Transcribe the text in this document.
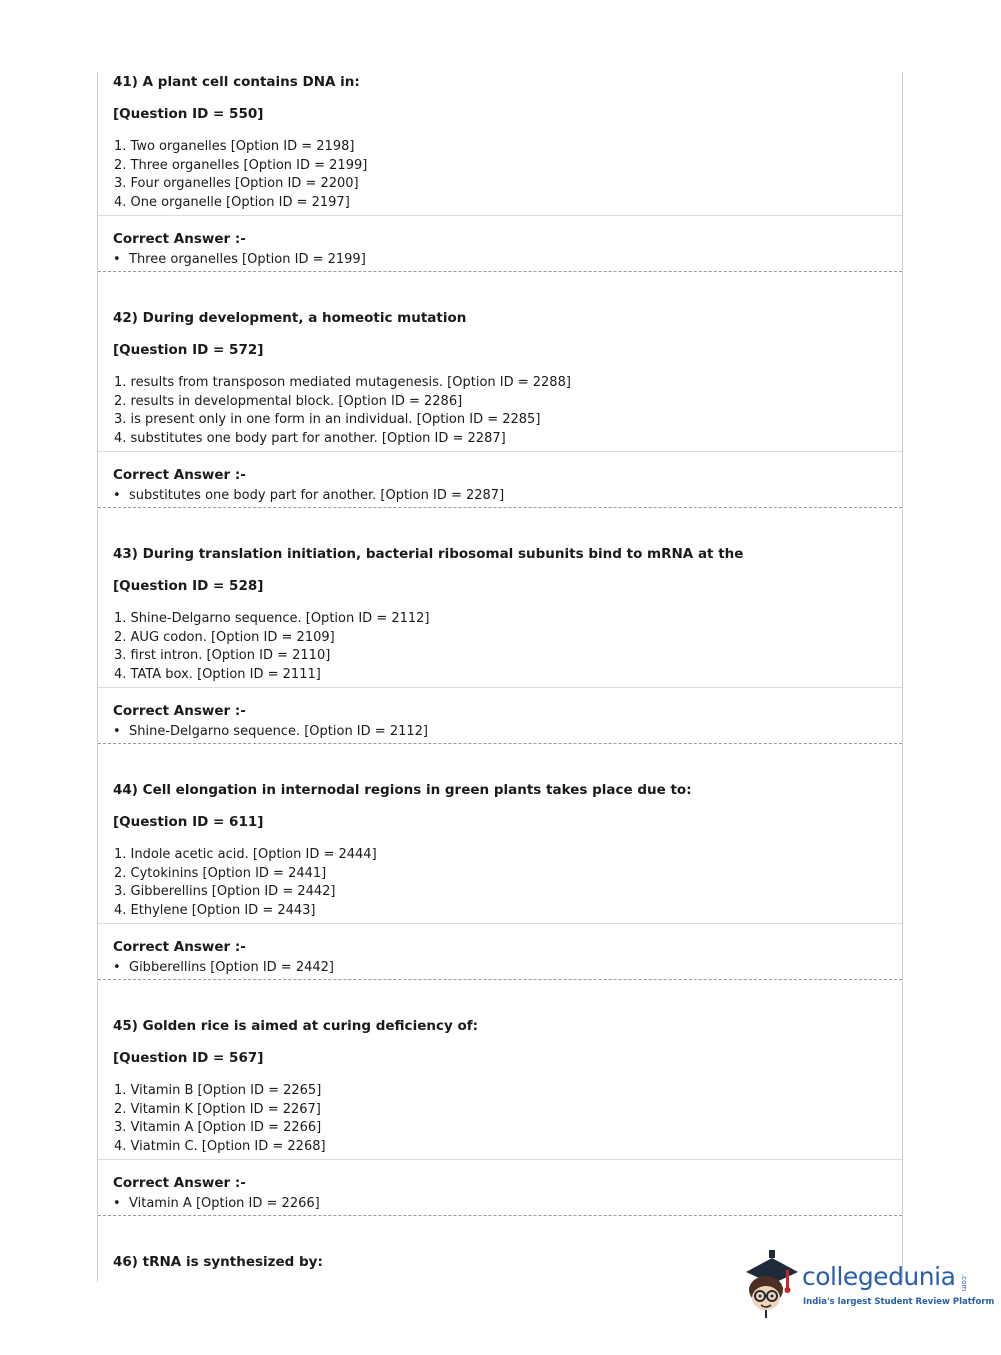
41) A plant cell contains DNA in:
[Question ID = 550]
1. Two organelles [Option ID = 2198]
2. Three organelles [Option ID = 2199]
3. Four organelles [Option ID = 2200]
4. One organelle [Option ID = 2197]
Correct Answer :-
• Three organelles [Option ID = 2199]
42) During development, a homeotic mutation
[Question ID = 572]
1. results from transposon mediated mutagenesis. [Option ID = 2288]
2. results in developmental block. [Option ID = 2286]
3. is present only in one form in an individual. [Option ID = 2285]
4. substitutes one body part for another. [Option ID = 2287]
Correct Answer :-
• substitutes one body part for another. [Option ID = 2287]
43) During translation initiation, bacterial ribosomal subunits bind to mRNA at the
[Question ID = 528]
1. Shine-Delgarno sequence. [Option ID = 2112]
2. AUG codon. [Option ID = 2109]
3. first intron. [Option ID = 2110]
4. TATA box. [Option ID = 2111]
Correct Answer :-
• Shine-Delgarno sequence. [Option ID = 2112]
44) Cell elongation in internodal regions in green plants takes place due to:
[Question ID = 611]
1. Indole acetic acid. [Option ID = 2444]
2. Cytokinins [Option ID = 2441]
3. Gibberellins [Option ID = 2442]
4. Ethylene [Option ID = 2443]
Correct Answer :-
• Gibberellins [Option ID = 2442]
45) Golden rice is aimed at curing deficiency of:
[Question ID = 567]
1. Vitamin B [Option ID = 2265]
2. Vitamin K [Option ID = 2267]
3. Vitamin A [Option ID = 2266]
4. Viatmin C. [Option ID = 2268]
Correct Answer :-
• Vitamin A [Option ID = 2266]
46) tRNA is synthesized by:	collegedunia .com
India's largest Student Review Platform
